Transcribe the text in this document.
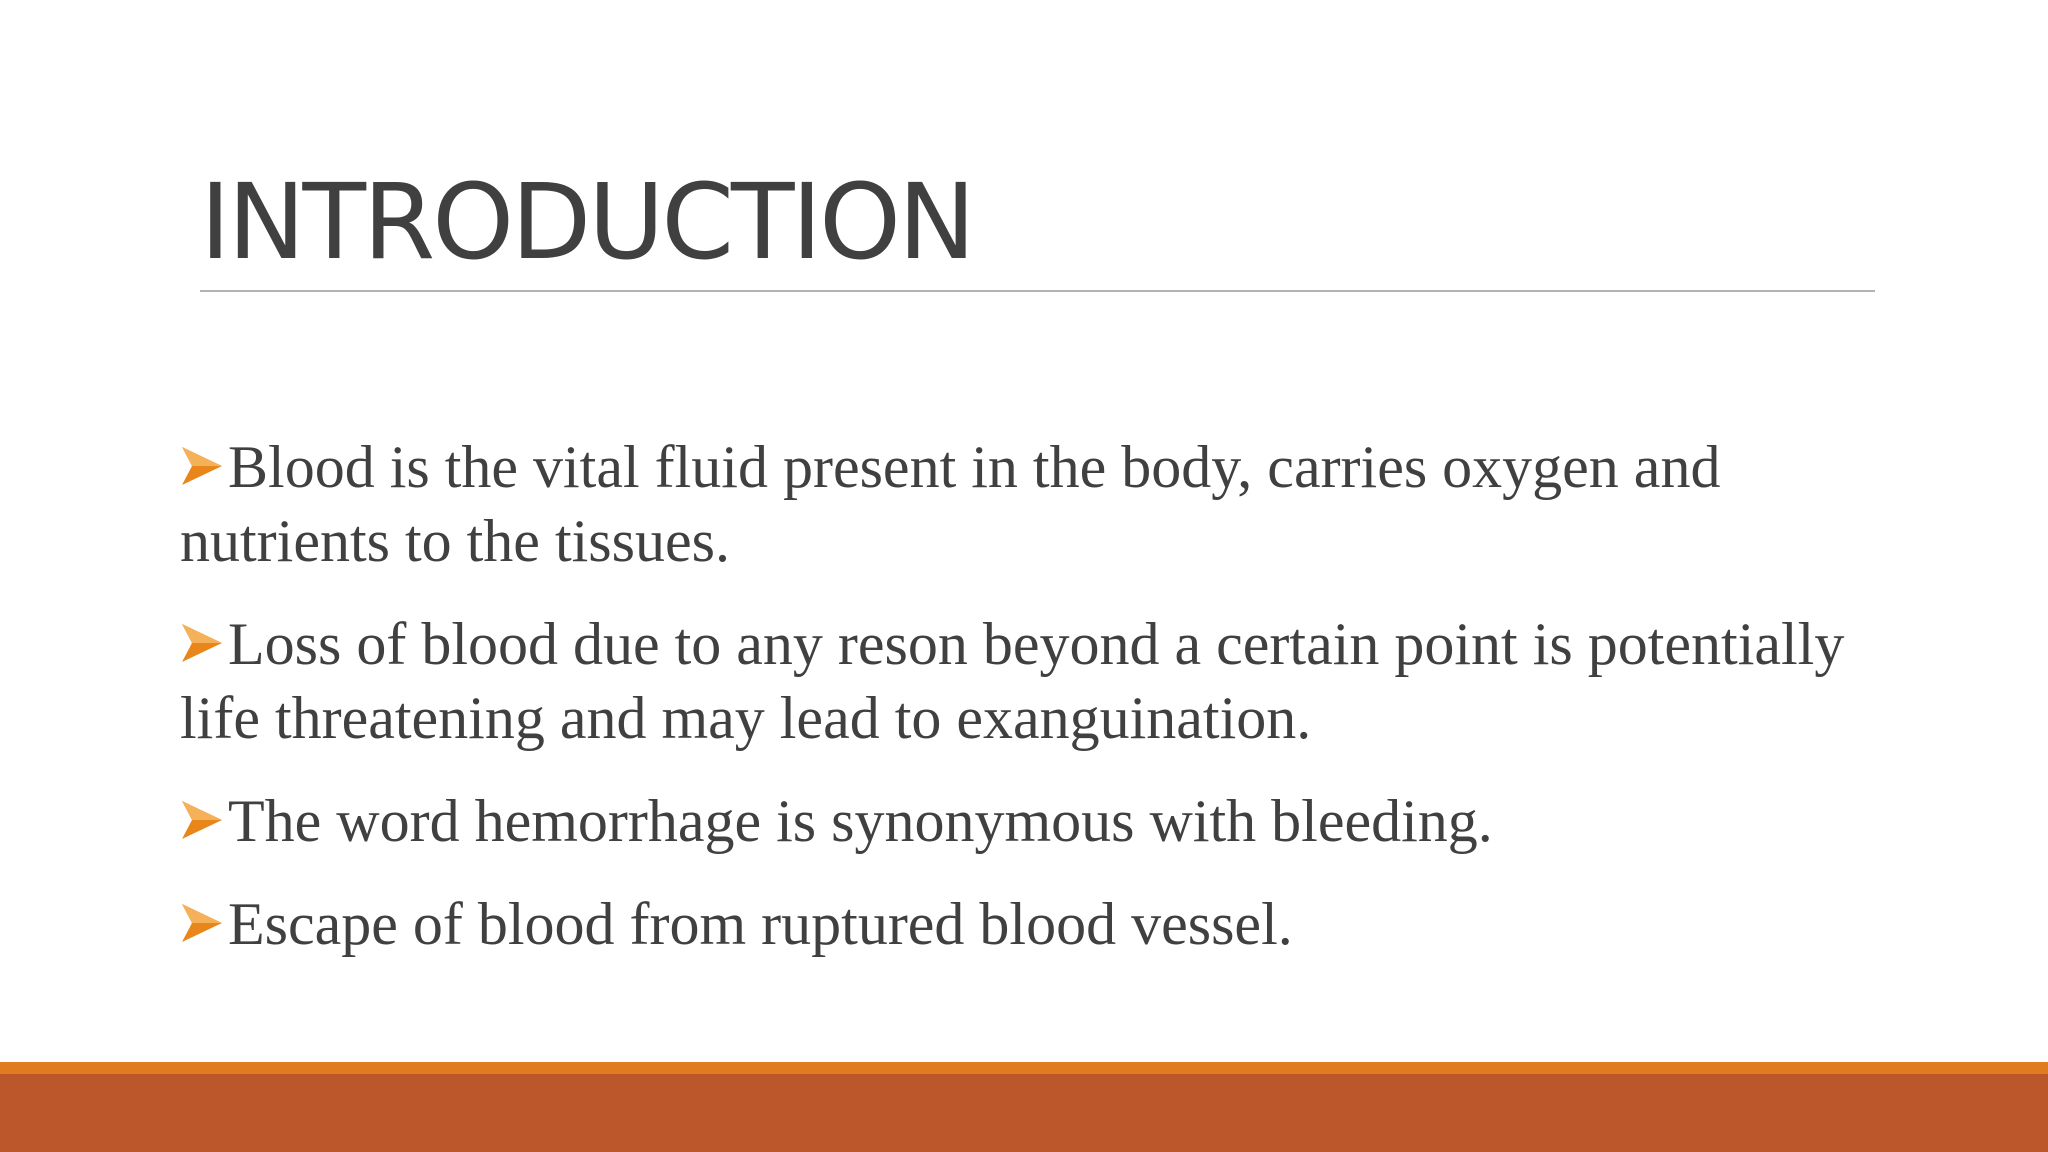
INTRODUCTION
Blood is the vital fluid present in the body, carries oxygen and nutrients to the tissues.
Loss of blood due to any reson beyond a certain point is potentially life threatening and may lead to exanguination.
The word hemorrhage is synonymous with bleeding.
Escape of blood from ruptured blood vessel.
